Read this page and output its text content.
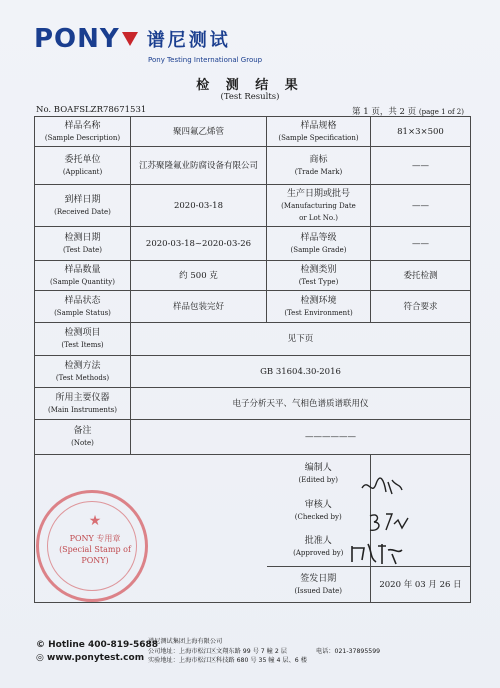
PONY 谱尼测试
Pony Testing International Group
检 测 结 果
(Test Results)
No. BOAFSLZR78671531	第 1 页，共 2 页 (page 1 of 2)
样品名称
(Sample Description)	聚四氟乙烯管	样品规格
(Sample Specification)	81×3×500

委托单位
(Applicant)	江苏聚隆氟业防腐设备有限公司	商标
(Trade Mark)	——

到样日期
(Received Date)	2020-03-18	生产日期或批号
(Manufacturing Date
or Lot No.)	——

检测日期
(Test Date)	2020-03-18~2020-03-26	样品等级
(Sample Grade)	——

样品数量
(Sample Quantity)	约 500 克	检测类别
(Test Type)	委托检测

样品状态
(Sample Status)	样品包装完好	检测环境
(Test Environment)	符合要求

检测项目
(Test Items)	见下页		

检测方法
(Test Methods)	GB 31604.30-2016		

所用主要仪器
(Main Instruments)	电子分析天平、气相色谱质谱联用仪		

备注
(Note)	——————		

		编制人
(Edited by)	

		审核人
(Checked by)	

		批准人
(Approved by)	

		签发日期
(Issued Date)	2020 年 03 月 26 日
★
PONY 专用章
(Special Stamp of
PONY)
© Hotline 400-819-5688
◎ www.ponytest.com
谱尼测试集团上海有限公司
公司地址：上海市松江区文翔东路 99 号 7 幢 2 层
实验地址：上海市松江区科技路 680 号 35 幢 4 层、6 楼
电话：021-37895599
